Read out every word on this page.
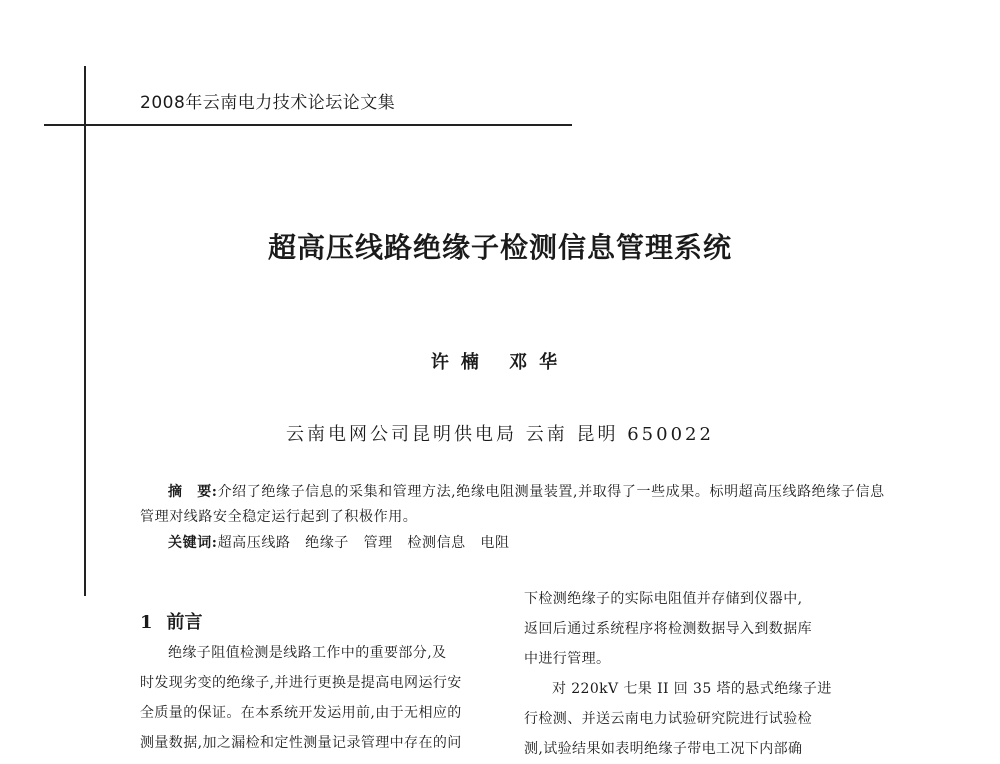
2008年云南电力技术论坛论文集
超高压线路绝缘子检测信息管理系统
许楠 邓华
云南电网公司昆明供电局 云南 昆明 650022
摘　要:介绍了绝缘子信息的采集和管理方法,绝缘电阻测量装置,并取得了一些成果。标明超高压线路绝缘子信息管理对线路安全稳定运行起到了积极作用。
关键词:超高压线路　绝缘子　管理　检测信息　电阻
1 前言

绝缘子阻值检测是线路工作中的重要部分,及

时发现劣变的绝缘子,并进行更换是提高电网运行安

全质量的保证。在本系统开发运用前,由于无相应的

测量数据,加之漏检和定性测量记录管理中存在的问

下检测绝缘子的实际电阻值并存储到仪器中,

返回后通过系统程序将检测数据导入到数据库

中进行管理。

对 220kV 七果 II 回 35 塔的悬式绝缘子进

行检测、并送云南电力试验研究院进行试验检

测,试验结果如表明绝缘子带电工况下内部确
